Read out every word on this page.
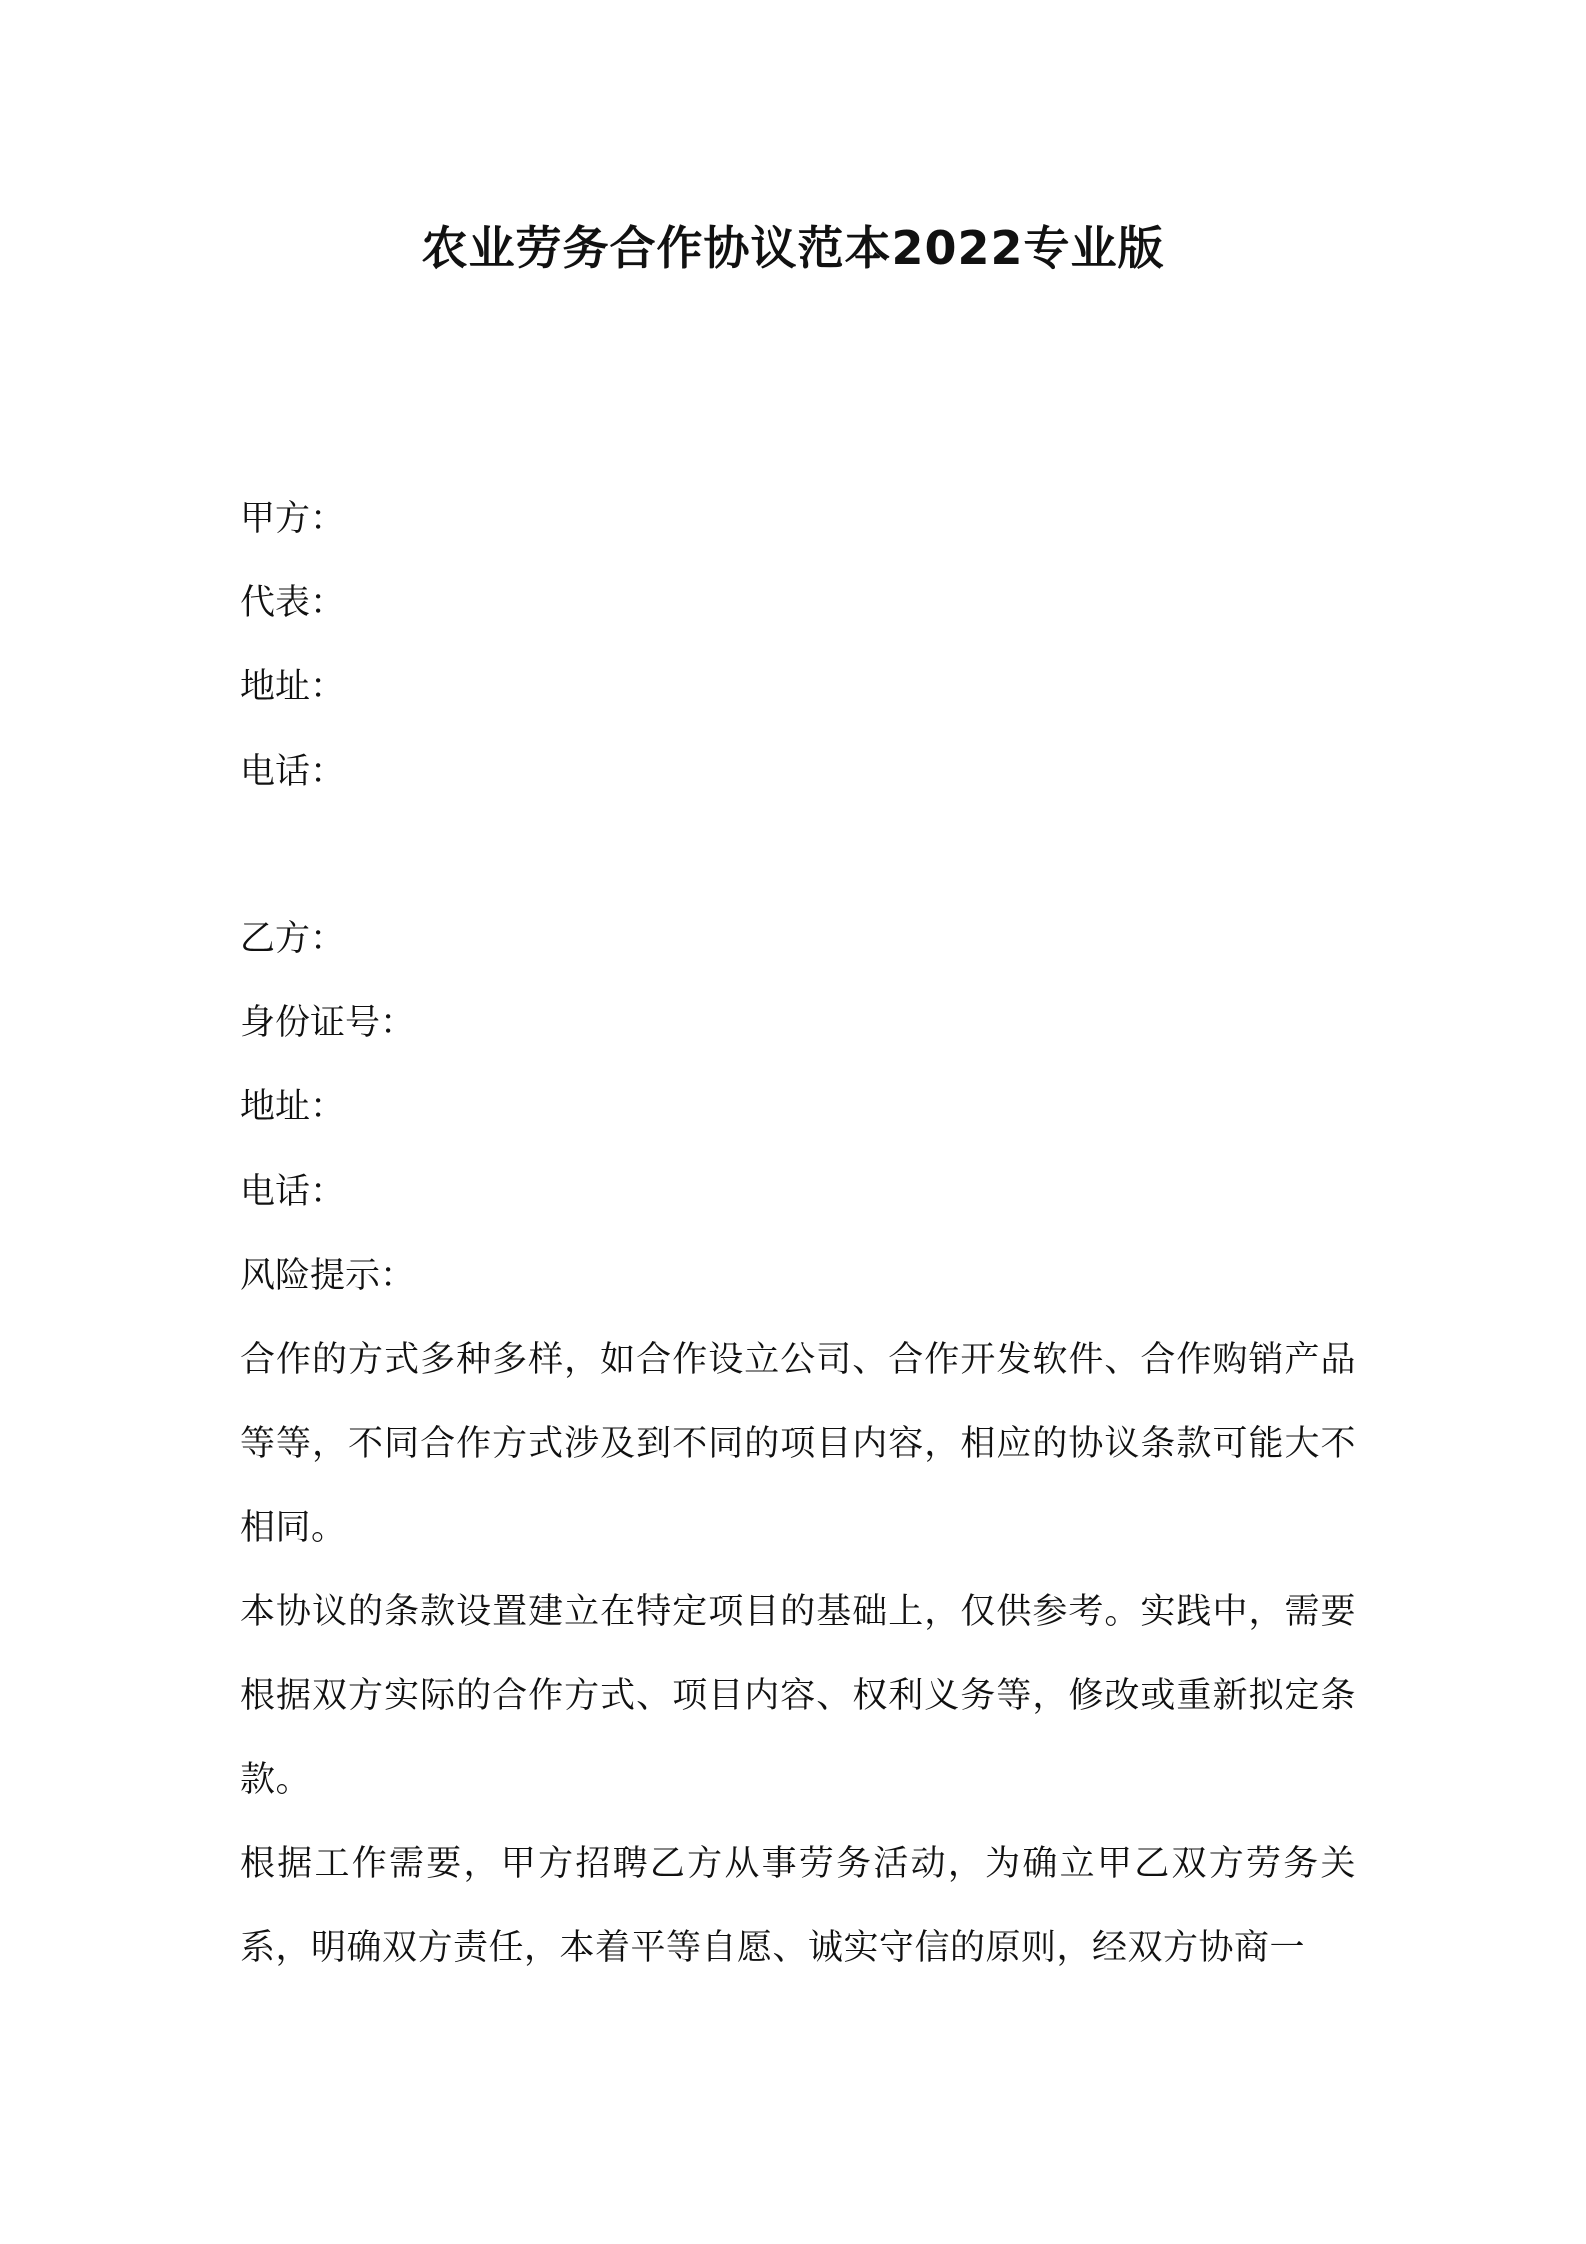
农业劳务合作协议范本2022专业版
甲方：
代表：
地址：
电话：
乙方：
身份证号：
地址：
电话：
风险提示：
合作的方式多种多样，如合作设立公司、合作开发软件、合作购销产品等等，不同合作方式涉及到不同的项目内容，相应的协议条款可能大不相同。
本协议的条款设置建立在特定项目的基础上，仅供参考。实践中，需要根据双方实际的合作方式、项目内容、权利义务等，修改或重新拟定条款。
根据工作需要，甲方招聘乙方从事劳务活动，为确立甲乙双方劳务关系，明确双方责任，本着平等自愿、诚实守信的原则，经双方协商一
